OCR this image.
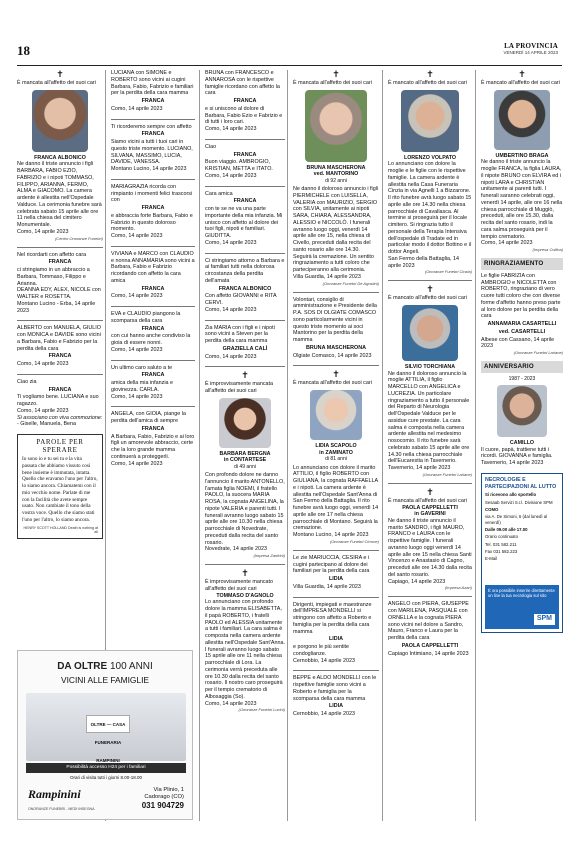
18	LA PROVINCIA
VENERDÌ 14 APRILE 2023
✝
È mancata all'affetto dei suoi cari
FRANCA ALBONICO
Ne danno il triste annuncio i figli BARBARA, FABIO EZIO, FABRIZIO e i nipoti TOMMASO, FILIPPO, ARIANNA, FERMO, ALMA e GIACOMO. La camera ardente è allestita nell'Ospedale Valduce. La cerimonia funebre sarà celebrata sabato 15 aprile alle ore 11 nella chiesa del cimitero Monumentale.
Como, 14 aprile 2023
(Centro Onoranze Funebri)
Nel ricordarti con affetto cara
FRANCA
ci stringiamo in un abbraccio a Barbara, Tommaso, Filippo e Arianna.
DEANNA EDY, ALEX, NICOLE con WALTER e ROSETTA.
Montano Lucino - Erba, 14 aprile 2023
ALBERTO con MANUELA, GIULIO con MONICA e DAVIDE sono vicini a Barbara, Fabio e Fabrizio per la perdita della cara
FRANCA
Como, 14 aprile 2023
Ciao zia
FRANCA
Ti vogliamo bene. LUCIANA e suo ragazzo.
Como, 14 aprile 2023
Si associano con viva commozione:
- Giselle, Manuela, Bena
PAROLE PER SPERARE
Io sono io e tu sei tu e la vita passata che abbiamo vissuto così bene insieme è immutata, intatta. Quello che eravamo l'uno per l'altro, lo siamo ancora. Chiamatemi con il mio vecchio nome. Parlate di me con la facilità che avete sempre usato. Non cambiate il tono della vostra voce. Quello che siamo stati l'uno per l'altro, lo siamo ancora.
HENRY SCOTT HOLLAND Death is nothing at all
LUCIANA con SIMONE e ROBERTO sono vicini ai cugini Barbara, Fabio, Fabrizio e familiari per la perdita della cara mamma
FRANCA
Como, 14 aprile 2023
Ti ricorderemo sempre con affetto
FRANCA
Siamo vicini a tutti i tuoi cari in questo triste momento. LUCIANO, SILVANA, MASSIMO, LUCIA, DAVIDE, VANESSA.
Montano Lucino, 14 aprile 2023
MARIAGRAZIA ricorda con rimpianto i momenti felici trascorsi con
FRANCA
e abbraccia forte Barbara, Fabio e Fabrizio in questo doloroso momento.
Como, 14 aprile 2023
VIVIANA e MARCO con CLAUDIO e nonna ANNAMARIA sono vicini a Barbara, Fabio e Fabrizio ricordando con affetto la cara amica
FRANCA
Como, 14 aprile 2023
EVA e CLAUDIO piangono la scomparsa della cara
FRANCA
con cui hanno anche condiviso la gioia di essere nonni.
Como, 14 aprile 2023
Un ultimo caro saluto a te
FRANCA
amica della mia infanzia e giovinezza. CARLA.
Como, 14 aprile 2023
ANGELA, con GIOIA, piange la perdita dell'amica di sempre
FRANCA
A Barbara, Fabio, Fabrizio e ai loro figli un amorevole abbraccio, certe che la loro grande mamma continuerà a proteggerli.
Como, 14 aprile 2023
DA OLTRE 100 ANNI
VICINI ALLE FAMIGLIE
OLTRE — CASA FUNERARIA RAMPININI
Possibilità accesso H24 per i familiari
Orari di visita tutti i giorni 8.00-18.00
Rampinini
ONORANZE FUNEBRI - MEDI INSEGNA
Via Plinio, 1
Cadorago (CO)
031 904729
BRUNA con FRANCESCO e ANNAROSA con le rispettive famiglie ricordano con affetto la cara
FRANCA
e si uniscono al dolore di Barbara, Fabio Ezio e Fabrizio e di tutti i loro cari.
Como, 14 aprile 2023
Ciao
FRANCA
Buon viaggio. AMBROGIO, KRISTIAN, METTA e ITATO.
Como, 14 aprile 2023
Cara amica
FRANCA
con te se ne va una parte importante della mia infanzia. Mi unisco con affetto al dolore dei tuoi figli, nipoti e familiari. GIUDITTA.
Como, 14 aprile 2023
Ci stringiamo attorno a Barbara e ai familiari tutti nella dolorosa circostanza della perdita dell'amata
FRANCA ALBONICO
Con affetto GIOVANNI e RITA CERVI.
Como, 14 aprile 2023
Zia MARIA con i figli e i nipoti sono vicini a Steven per la perdita della cara mamma
GRAZIELLA CALÌ
Como, 14 aprile 2023
✝
È improvvisamente mancata all'affetto dei suoi cari
BARBARA BERGNA
in CONTARTESE
di 49 anni
Con profondo dolore ne danno l'annuncio il marito ANTONELLO, l'amata figlia NOEMI, il fratello PAOLO, la suocera MARIA ROSA, la cognata ANGELINA, la nipote VALERIA e parenti tutti. I funerali avranno luogo sabato 15 aprile alle ore 10.30 nella chiesa parrocchiale di Novedrate, preceduti dalla recita del santo rosario.
Novedrate, 14 aprile 2023
(Impresa Zanfrini)
✝
È improvvisamente mancato all'affetto dei suoi cari
TOMMASO D'AGNOLO
Lo annunciano con profondo dolore la mamma ELISABETTA, il papà ROBERTO, i fratelli PAOLO ed ALESSIA unitamente a tutti i familiari. La cara salma è composta nella camera ardente allestita nell'Ospedale Sant'Anna. I funerali avranno luogo sabato 15 aprile alle ore 11 nella chiesa parrocchiale di Lora. La cerimonia verrà preceduta alle ore 10.30 dalla recita del santo rosario. Il nostro caro proseguirà per il tempio crematorio di Albosaggia (So).
Como, 14 aprile 2023
(Onoranze Funebri Lucini)
✝
È mancata all'affetto dei suoi cari
BRUNA MASCHERONA
ved. MANTORINO
di 92 anni
Ne danno il doloroso annuncio i figli PIERMICHELE con LUISELLA, VALERIA con MAURIZIO, SERGIO con SILVIA, unitamente ai nipoti SARA, CHIARA, ALESSANDRA, ALESSIO e NICCOLÒ. I funerali avranno luogo oggi, venerdì 14 aprile alle ore 15, nella chiesa di Civello, preceduti dalla recita del santo rosario alle ore 14.30. Seguirà la cremazione. Un sentito ringraziamento a tutti coloro che parteciperanno alla cerimonia.
Villa Guardia, 14 aprile 2023
(Onoranze Funebri De Agostini)
Volontari, consiglio di amministrazione e Presidente della P.A. SOS DI OLGIATE COMASCO sono particolarmente vicini in questo triste momento ai soci Mantorino per la perdita della mamma
BRUNA MASCHERONA
Olgiate Comasco, 14 aprile 2023
✝
È mancata all'affetto dei suoi cari
LIDIA SCAPOLO
in ZAMINATO
di 81 anni
Lo annunciano con dolore il marito ATTILIO, il figlio ROBERTO con GIULIANA, la cognata RAFFAELLA e i nipoti. La camera ardente è allestita nell'Ospedale Sant'Anna di San Fermo della Battaglia. Il rito funebre avrà luogo oggi, venerdì 14 aprile alle ore 17 nella chiesa parrocchiale di Montano. Seguirà la cremazione.
Montano Lucino, 14 aprile 2023
(Onoranze Funebri Cirrone)
Le zie MARIUCCIA, CESIRA e i cugini partecipano al dolore dei familiari per la perdita della cara
LIDIA
Villa Guardia, 14 aprile 2023
Dirigenti, impiegati e maestranze dell'IMPRESA MONDELLI si stringono con affetto a Roberto e famiglia per la perdita della cara mamma
LIDIA
e porgono le più sentite condoglianze.
Cernobbio, 14 aprile 2023
BEPPE e ALDO MONDELLI con le rispettive famiglie sono vicini a Roberto e famiglia per la scomparsa della cara mamma
LIDIA
Cernobbio, 14 aprile 2023
✝
È mancato all'affetto dei suoi cari
LORENZO VOLPATO
Lo annunciano con dolore la moglie e le figlie con le rispettive famiglie. La camera ardente è allestita nella Casa Funeraria Cinzia in via Agnelli 1 a Bizzarone. Il rito funebre avrà luogo sabato 15 aprile alle ore 14.30 nella chiesa parrocchiale di Cavallasca. Al termine si proseguirà per il locale cimitero. Si ringrazia tutto il personale della Terapia Intensiva dell'ospedale di Tradate ed in particolar modo il dottor Bottino e il dottor Angeli.
San Fermo della Battaglia, 14 aprile 2023
(Onoranze Funebri Cinzia)
✝
È mancato all'affetto dei suoi cari
SILVIO TORCHIANA
Ne danno il doloroso annuncio la moglie ATTILIA, il figlio MARCELLO con ANGELICA e LUCREZIA. Un particolare ringraziamento a tutto il personale del Reparto di Neurologia dell'Ospedale Valduce per le assidue cure prestate. La cara salma è composta nella camera ardente allestita nel medesimo nosocomio. Il rito funebre sarà celebrato sabato 15 aprile alle ore 14.30 nella chiesa parrocchiale dell'Eucarestia in Tavernerio.
Tavernerio, 14 aprile 2023
(Onoranze Funebri Lariane)
✝
È mancata all'affetto dei suoi cari
PAOLA CAPPELLETTI
in GAVERINI
Ne danno il triste annuncio il marito SANDRO, i figli MAURO, FRANCO e LAURA con le rispettive famiglie. I funerali avranno luogo oggi venerdì 14 aprile alle ore 15 nella chiesa Santi Vincenzo e Anastasio di Cagno, preceduti alle ore 14.30 dalla recita del santo rosario.
Capiago, 14 aprile 2023
(Impresa Azari)
ANGELO con PIERA, GIUSEPPE con MARILENA, PASQUALE con ORNELLA e la cognata PIERA sono vicini nel dolore a Sandro, Mauro, Franco e Laura per la perdita della cara
PAOLA CAPPELLETTI
Capiago Intimiano, 14 aprile 2023
✝
È mancato all'affetto dei suoi cari
UMBERTINO BRAGA
Ne danno il triste annuncio la moglie FRANCA, la figlia LAURA, il nipote BRUNO con ELVIRA ed i nipoti LARA e CHRISTIAN unitamente ai parenti tutti. I funerali saranno celebrati oggi, venerdì 14 aprile, alle ore 16 nella chiesa parrocchiale di Muggiò, preceduti, alle ore 15.30, dalla recita del santo rosario, indi la cara salma proseguirà per il tempio crematorio.
Como, 14 aprile 2023
(Impresa Collina)
RINGRAZIAMENTO
Le figlie FABRIZIA con AMBROGIO e NICOLETTA con ROBERTO, ringraziano di vero cuore tutti coloro che con diverse forme d'affetto hanno preso parte al loro dolore per la perdita della cara
ANNAMARIA CASARTELLI
ved. CASARTELLI
Albese con Cassano, 14 aprile 2023
(Onoranze Funebri Lariane)
ANNIVERSARIO
1987 - 2023
CAMILLO
Il cuore, papà, trattiene tutti i ricordi. GIOVANNA e famiglia.
Tavernerio, 14 aprile 2023
NECROLOGIE E PARTECIPAZIONI AL LUTTO
Si ricevono allo sportello
Sesaab Servizi S.r.l. Divisione SPM
COMO
via A. De Simoni, 6 (dal lunedì al venerdì)
Dalle 09.00 alle 17.00
Orario continuato
Tel. 031 582.211
Fax 031 582.223
E-Mail
È ora possibile inserire direttamente on line la tua necrologia sul sito
SPM
